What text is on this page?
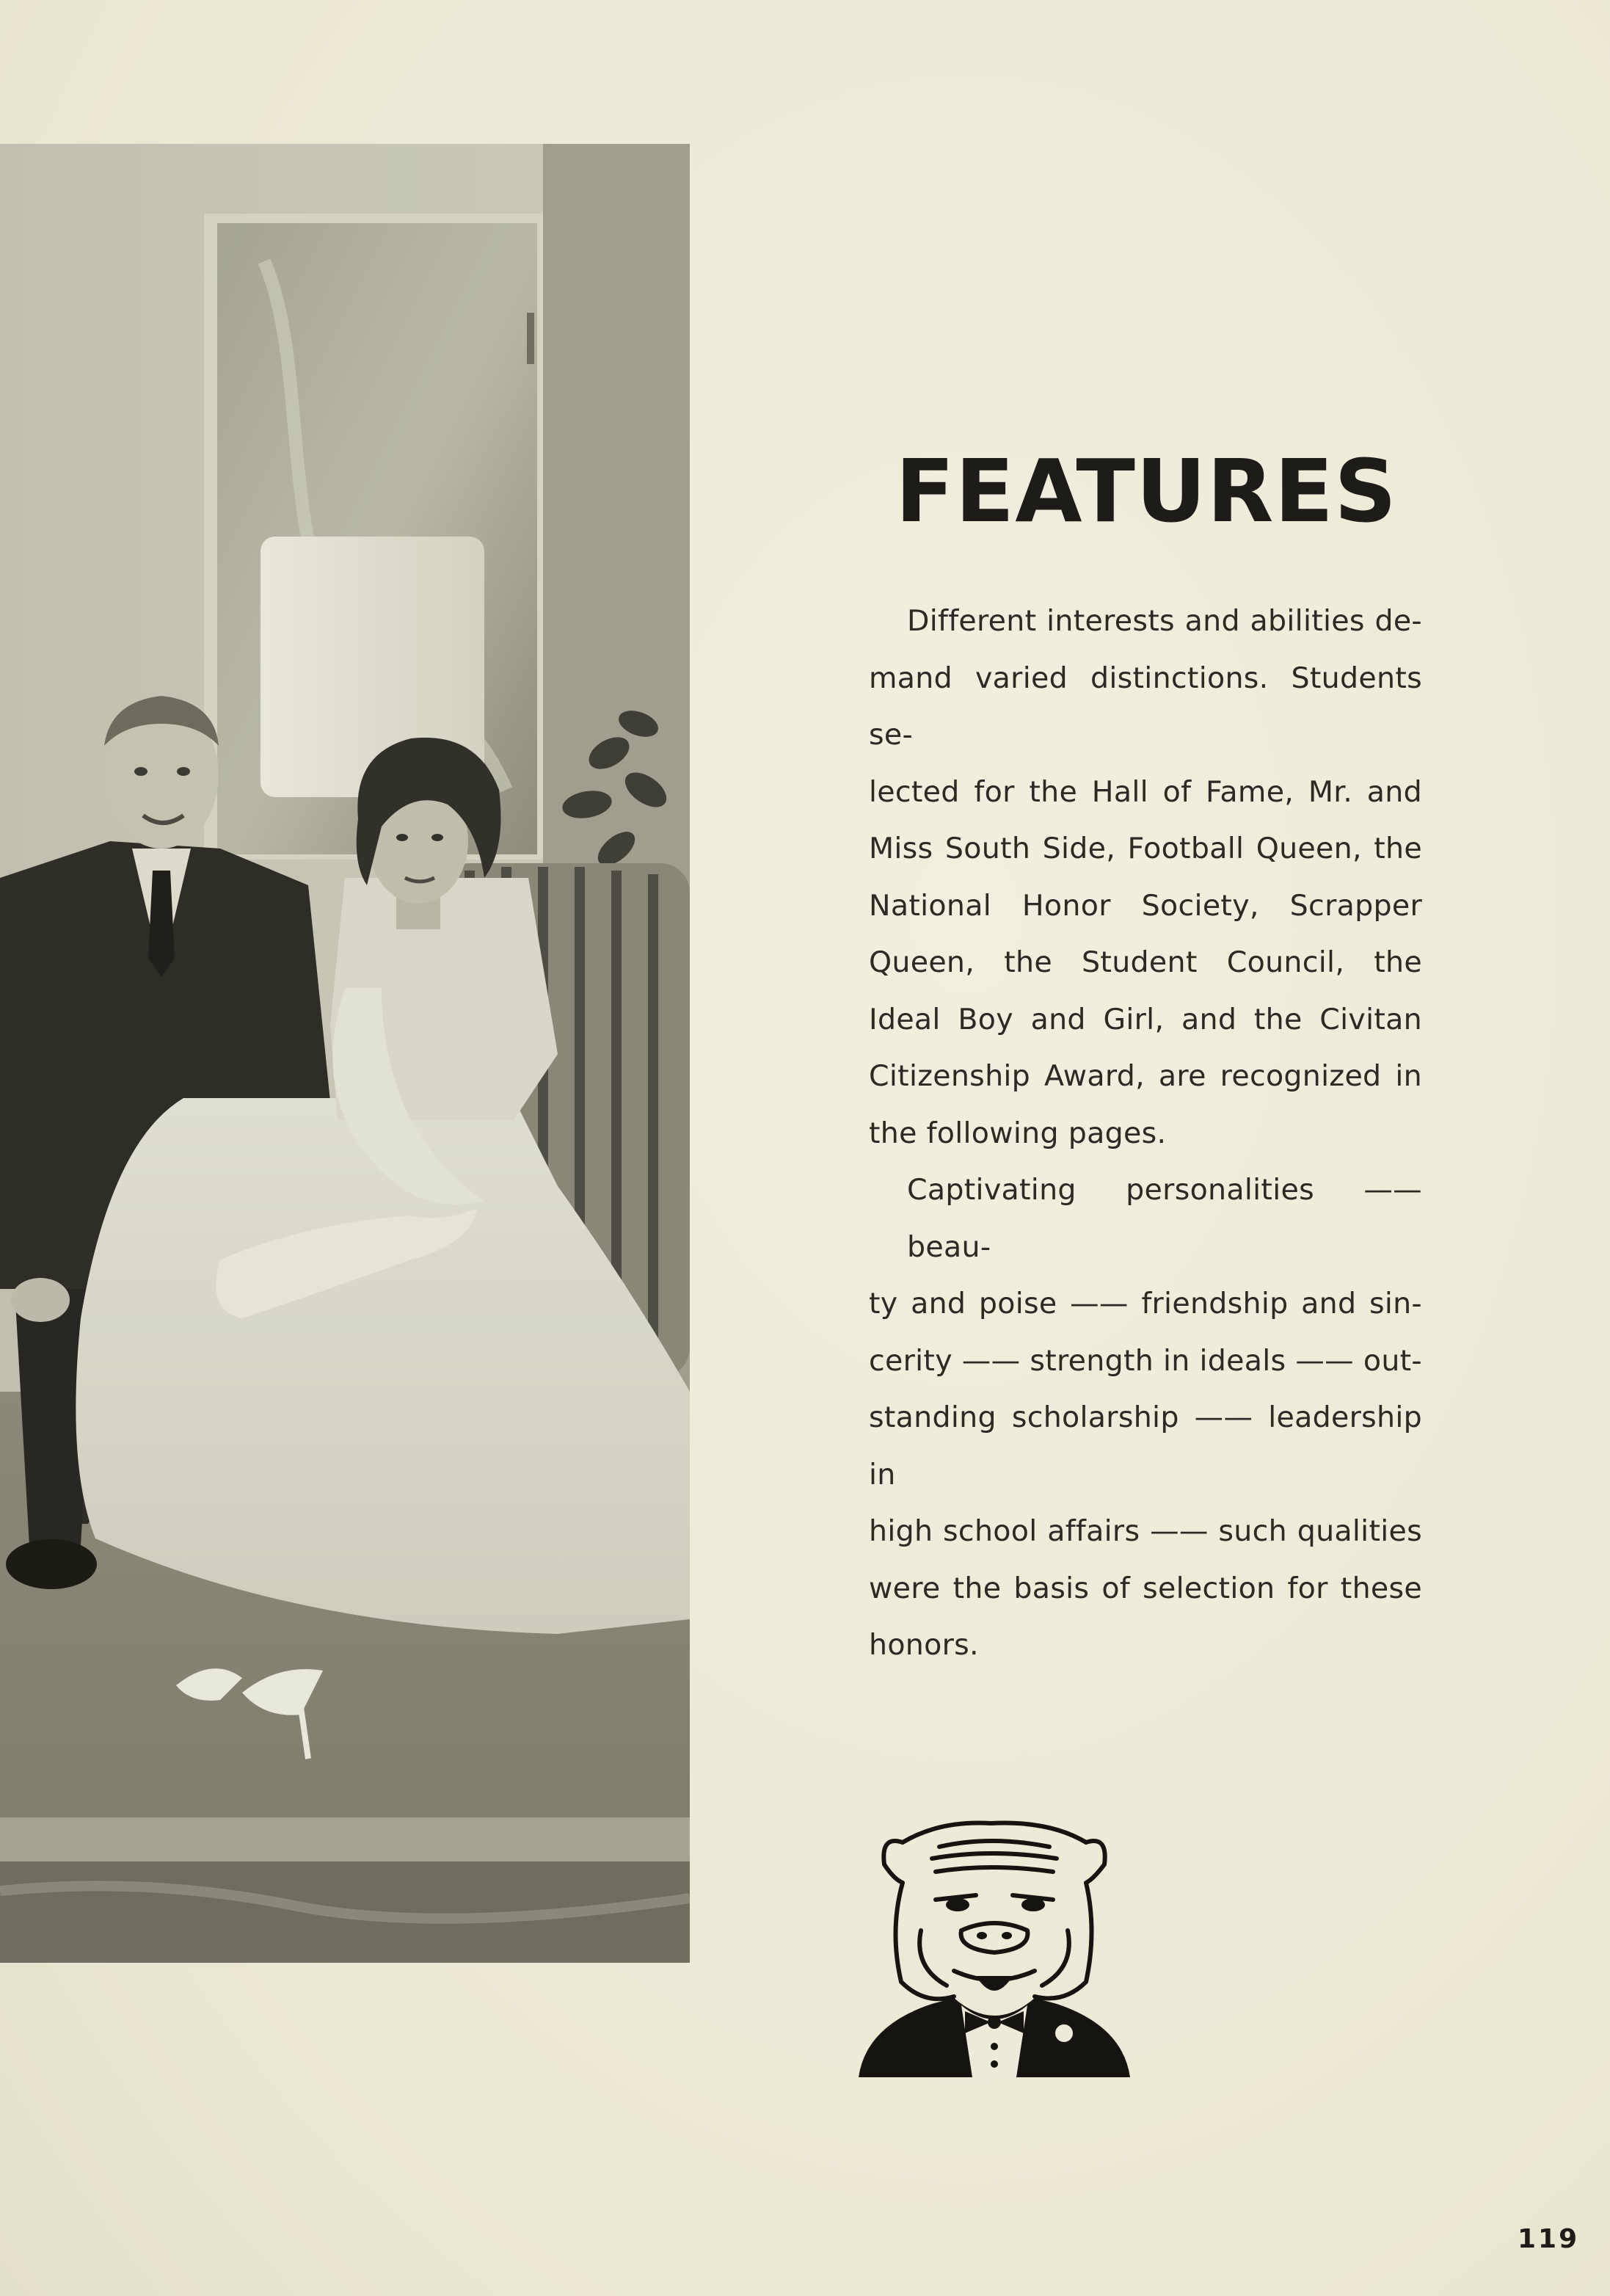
FEATURES

Different interests and abilities de-
mand varied distinctions. Students se-
lected for the Hall of Fame, Mr. and
Miss South Side, Football Queen, the
National Honor Society, Scrapper
Queen, the Student Council, the
Ideal Boy and Girl, and the Civitan
Citizenship Award, are recognized in
the following pages.

Captivating personalities —— beau-
ty and poise —— friendship and sin-
cerity —— strength in ideals —— out-
standing scholarship —— leadership in
high school affairs —— such qualities
were the basis of selection for these
honors.

119
